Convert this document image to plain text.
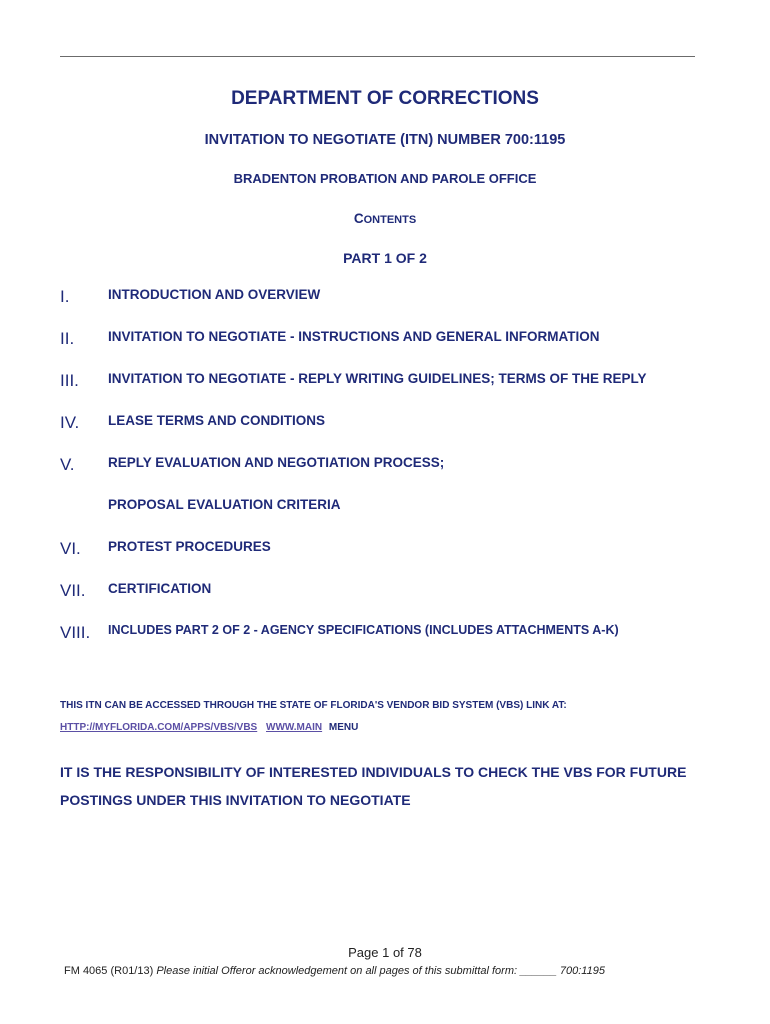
DEPARTMENT OF CORRECTIONS
INVITATION TO NEGOTIATE (ITN) NUMBER 700:1195
BRADENTON PROBATION AND PAROLE OFFICE
CONTENTS
PART 1 OF 2
I.	INTRODUCTION AND OVERVIEW
II.	INVITATION TO NEGOTIATE - INSTRUCTIONS AND GENERAL INFORMATION
III. INVITATION TO NEGOTIATE - REPLY WRITING GUIDELINES; TERMS OF THE REPLY
IV. LEASE TERMS AND CONDITIONS
V. REPLY EVALUATION AND NEGOTIATION PROCESS;
PROPOSAL EVALUATION CRITERIA
VI. PROTEST PROCEDURES
VII. CERTIFICATION
VIII. INCLUDES PART 2 OF 2 - AGENCY SPECIFICATIONS (INCLUDES ATTACHMENTS A-K)
THIS ITN CAN BE ACCESSED THROUGH THE STATE OF FLORIDA'S VENDOR BID SYSTEM (VBS) LINK AT:
HTTP://MYFLORIDA.COM/APPS/VBS/VBS WWW.MAIN MENU
IT IS THE RESPONSIBILITY OF INTERESTED INDIVIDUALS TO CHECK THE VBS FOR FUTURE POSTINGS UNDER THIS INVITATION TO NEGOTIATE
Page 1 of 78
FM 4065 (R01/13) Please initial Offeror acknowledgement on all pages of this submittal form: ______ 700:1195
